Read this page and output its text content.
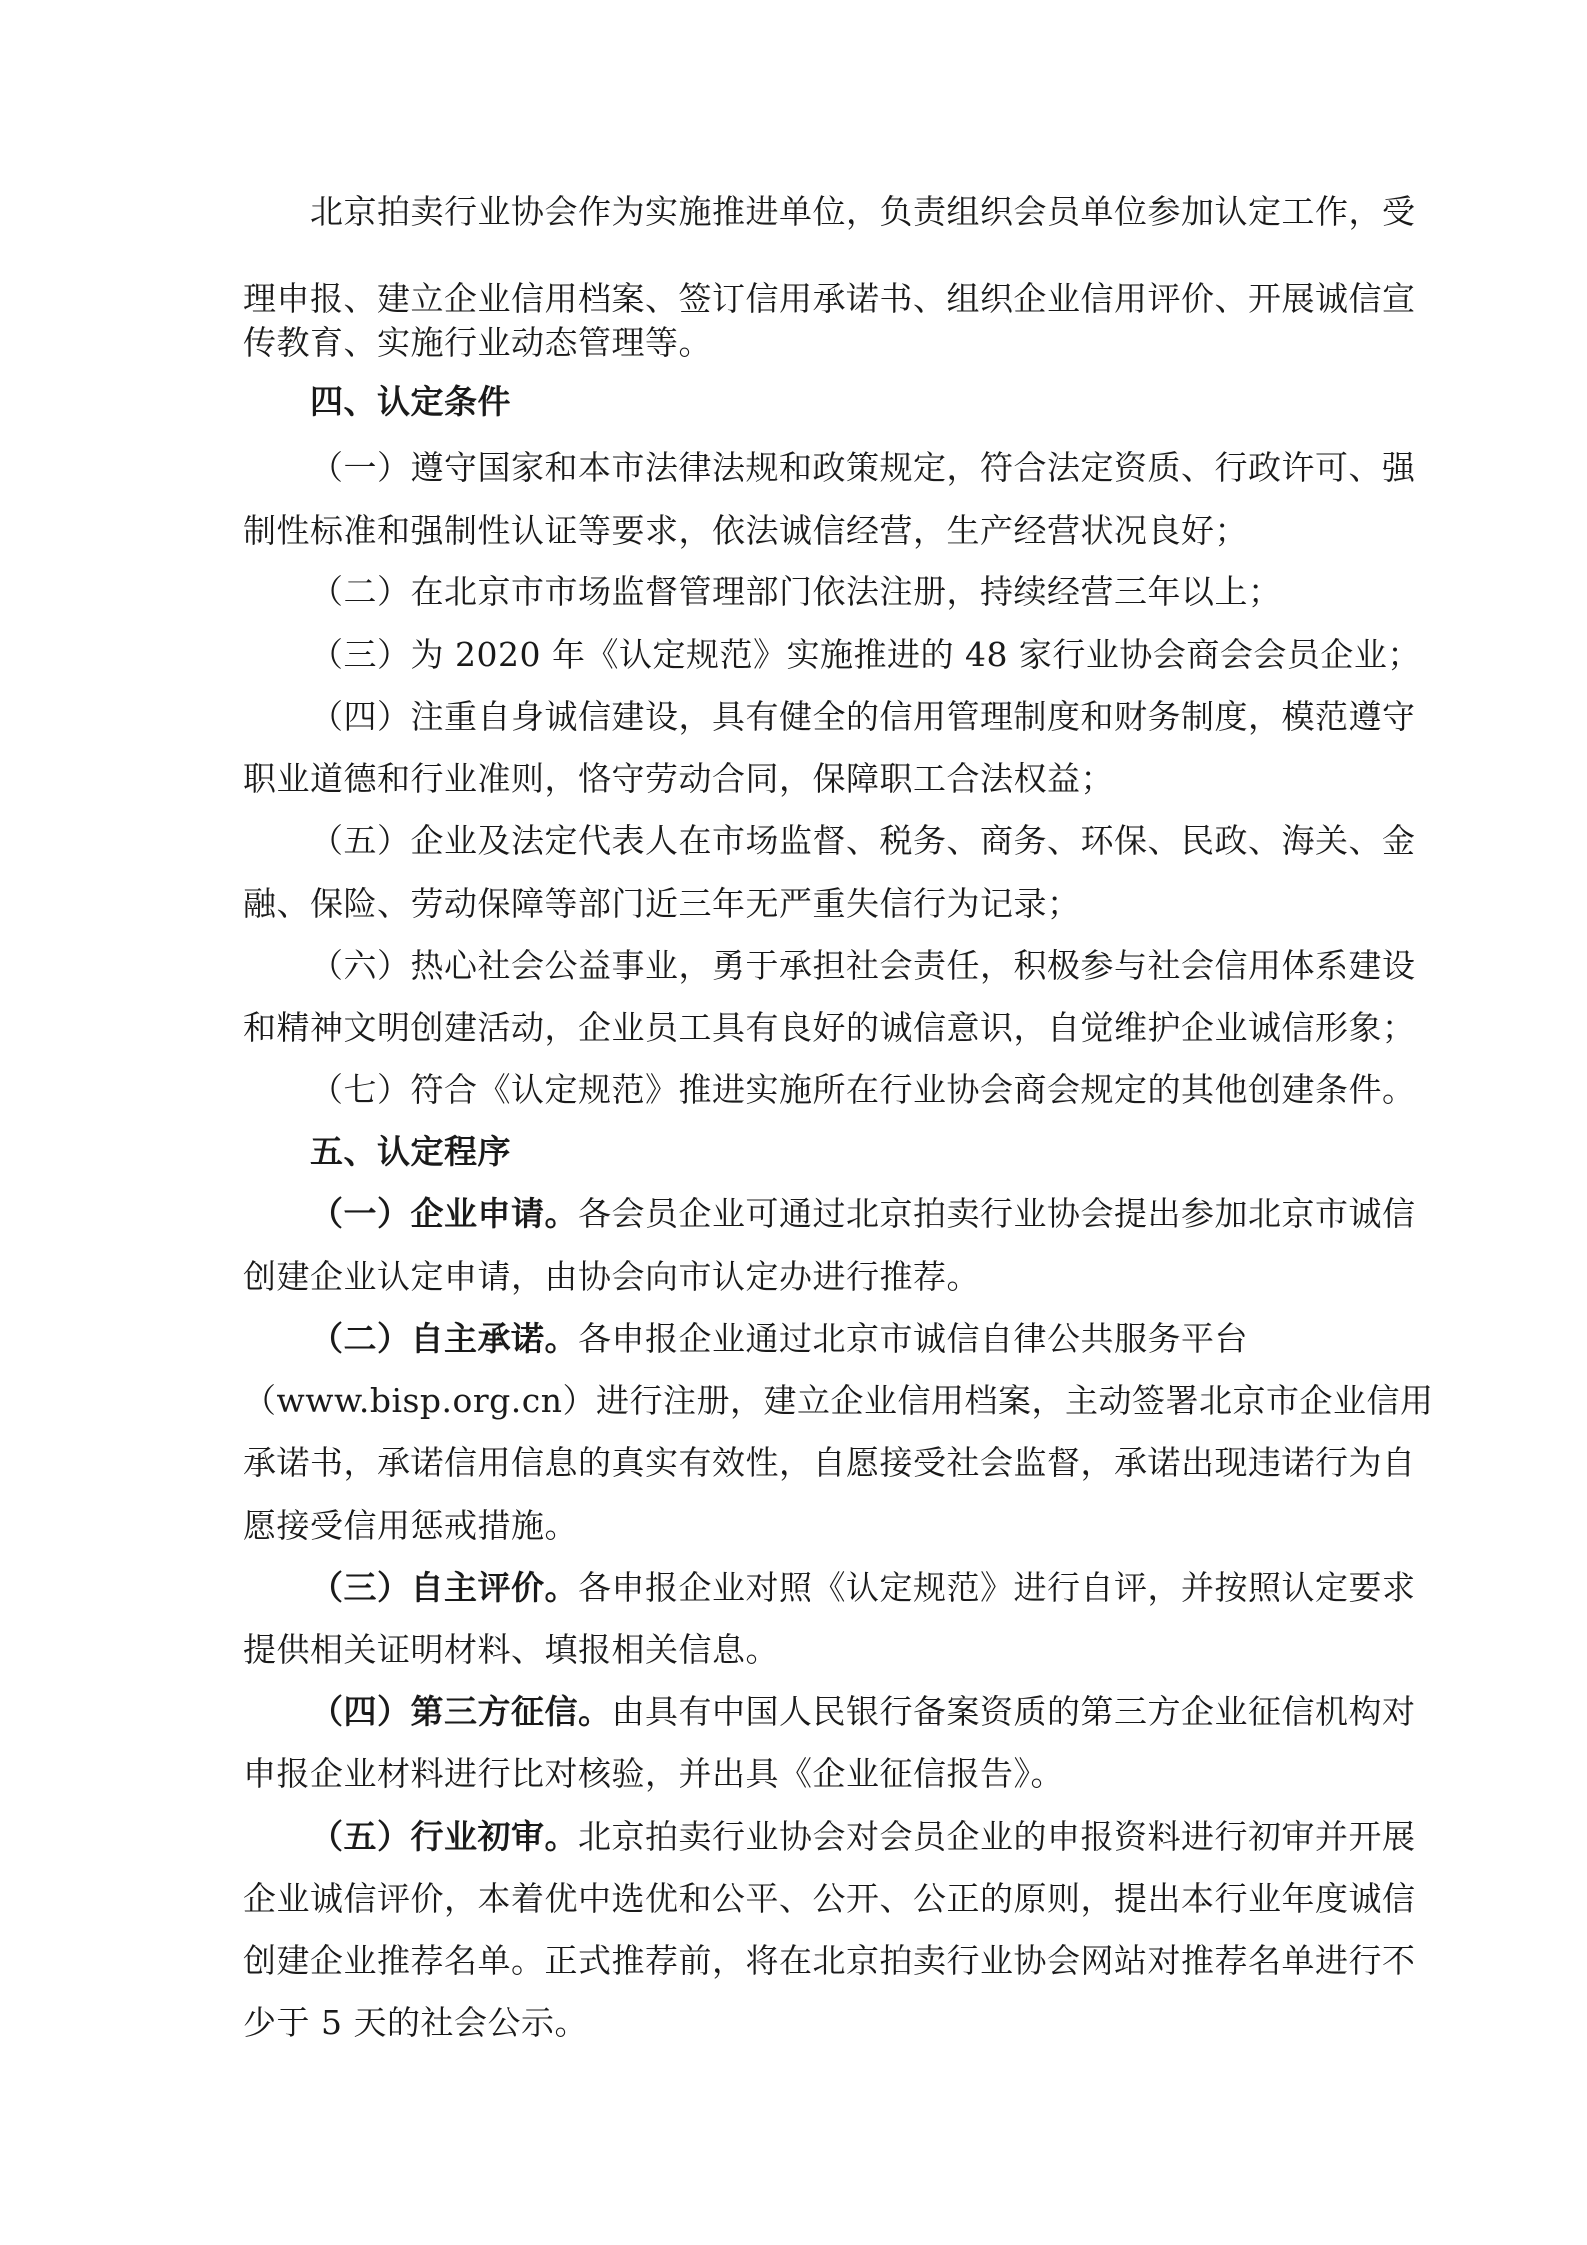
北京拍卖行业协会作为实施推进单位，负责组织会员单位参加认定工作，受
理申报、建立企业信用档案、签订信用承诺书、组织企业信用评价、开展诚信宣
传教育、实施行业动态管理等。
四、认定条件
（一）遵守国家和本市法律法规和政策规定，符合法定资质、行政许可、强
制性标准和强制性认证等要求，依法诚信经营，生产经营状况良好；
（二）在北京市市场监督管理部门依法注册，持续经营三年以上；
（三）为 2020 年《认定规范》实施推进的 48 家行业协会商会会员企业；
（四）注重自身诚信建设，具有健全的信用管理制度和财务制度，模范遵守
职业道德和行业准则，恪守劳动合同，保障职工合法权益；
（五）企业及法定代表人在市场监督、税务、商务、环保、民政、海关、金
融、保险、劳动保障等部门近三年无严重失信行为记录；
（六）热心社会公益事业，勇于承担社会责任，积极参与社会信用体系建设
和精神文明创建活动，企业员工具有良好的诚信意识，自觉维护企业诚信形象；
（七）符合《认定规范》推进实施所在行业协会商会规定的其他创建条件。
五、认定程序
（一）企业申请。各会员企业可通过北京拍卖行业协会提出参加北京市诚信
创建企业认定申请，由协会向市认定办进行推荐。
（二）自主承诺。各申报企业通过北京市诚信自律公共服务平台
（www.bisp.org.cn）进行注册，建立企业信用档案，主动签署北京市企业信用
承诺书，承诺信用信息的真实有效性，自愿接受社会监督，承诺出现违诺行为自
愿接受信用惩戒措施。
（三）自主评价。各申报企业对照《认定规范》进行自评，并按照认定要求
提供相关证明材料、填报相关信息。
（四）第三方征信。由具有中国人民银行备案资质的第三方企业征信机构对
申报企业材料进行比对核验，并出具《企业征信报告》。
（五）行业初审。北京拍卖行业协会对会员企业的申报资料进行初审并开展
企业诚信评价，本着优中选优和公平、公开、公正的原则，提出本行业年度诚信
创建企业推荐名单。正式推荐前，将在北京拍卖行业协会网站对推荐名单进行不
少于 5 天的社会公示。
